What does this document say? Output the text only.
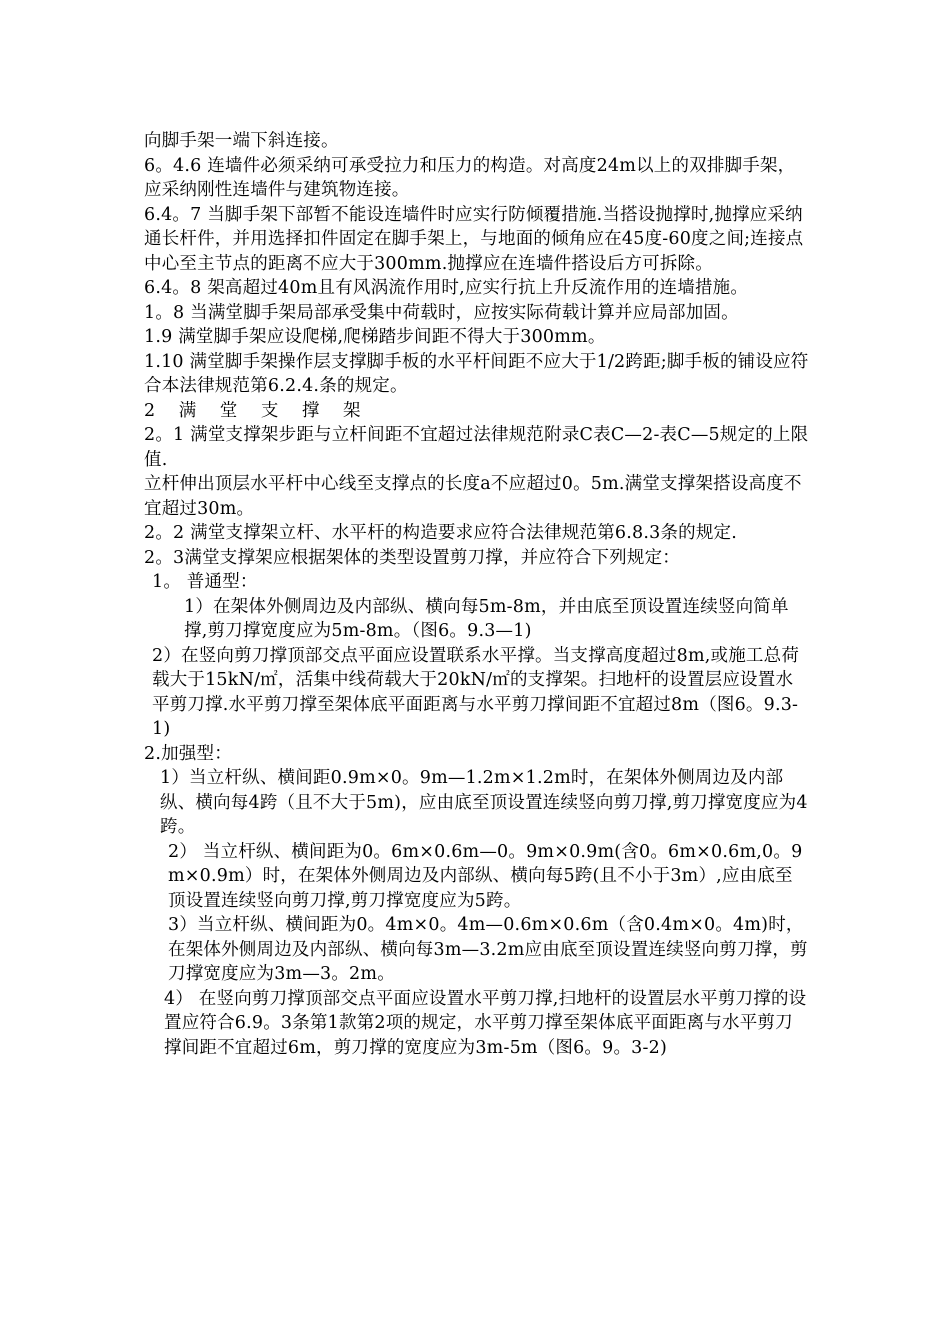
向脚手架一端下斜连接。

6。4.6 连墙件必须采纳可承受拉力和压力的构造。对高度24m以上的双排脚手架，应采纳刚性连墙件与建筑物连接。

6.4。7 当脚手架下部暂不能设连墙件时应实行防倾覆措施.当搭设抛撑时,抛撑应采纳通长杆件，并用选择扣件固定在脚手架上，与地面的倾角应在45度-60度之间;连接点中心至主节点的距离不应大于300mm.抛撑应在连墙件搭设后方可拆除。

6.4。8 架高超过40m且有风涡流作用时,应实行抗上升反流作用的连墙措施。

1。8 当满堂脚手架局部承受集中荷载时，应按实际荷载计算并应局部加固。

1.9 满堂脚手架应设爬梯,爬梯踏步间距不得大于300mm。

1.10 满堂脚手架操作层支撑脚手板的水平杆间距不应大于1/2跨距;脚手板的铺设应符合本法律规范第6.2.4.条的规定。

2 满 堂 支 撑 架

2。1 满堂支撑架步距与立杆间距不宜超过法律规范附录C表C—2-表C—5规定的上限值.

立杆伸出顶层水平杆中心线至支撑点的长度a不应超过0。5m.满堂支撑架搭设高度不宜超过30m。

2。2 满堂支撑架立杆、水平杆的构造要求应符合法律规范第6.8.3条的规定.

2。3满堂支撑架应根据架体的类型设置剪刀撑，并应符合下列规定：

1。 普通型：

1）在架体外侧周边及内部纵、横向每5m-8m，并由底至顶设置连续竖向简单撑,剪刀撑宽度应为5m-8m。（图6。9.3—1)

2）在竖向剪刀撑顶部交点平面应设置联系水平撑。当支撑高度超过8m,或施工总荷载大于15kN/㎡，活集中线荷载大于20kN/㎡的支撑架。扫地杆的设置层应设置水平剪刀撑.水平剪刀撑至架体底平面距离与水平剪刀撑间距不宜超过8m（图6。9.3-1)

2.加强型：

1）当立杆纵、横间距0.9m×0。9m—1.2m×1.2m时，在架体外侧周边及内部纵、横向每4跨（且不大于5m)，应由底至顶设置连续竖向剪刀撑,剪刀撑宽度应为4跨。

2） 当立杆纵、横间距为0。6m×0.6m—0。9m×0.9m(含0。6m×0.6m,0。9m×0.9m）时，在架体外侧周边及内部纵、横向每5跨(且不小于3m）,应由底至顶设置连续竖向剪刀撑,剪刀撑宽度应为5跨。

3）当立杆纵、横间距为0。4m×0。4m—0.6m×0.6m（含0.4m×0。4m)时，在架体外侧周边及内部纵、横向每3m—3.2m应由底至顶设置连续竖向剪刀撑，剪刀撑宽度应为3m—3。2m。

4） 在竖向剪刀撑顶部交点平面应设置水平剪刀撑,扫地杆的设置层水平剪刀撑的设置应符合6.9。3条第1款第2项的规定，水平剪刀撑至架体底平面距离与水平剪刀撑间距不宜超过6m，剪刀撑的宽度应为3m-5m（图6。9。3-2)
